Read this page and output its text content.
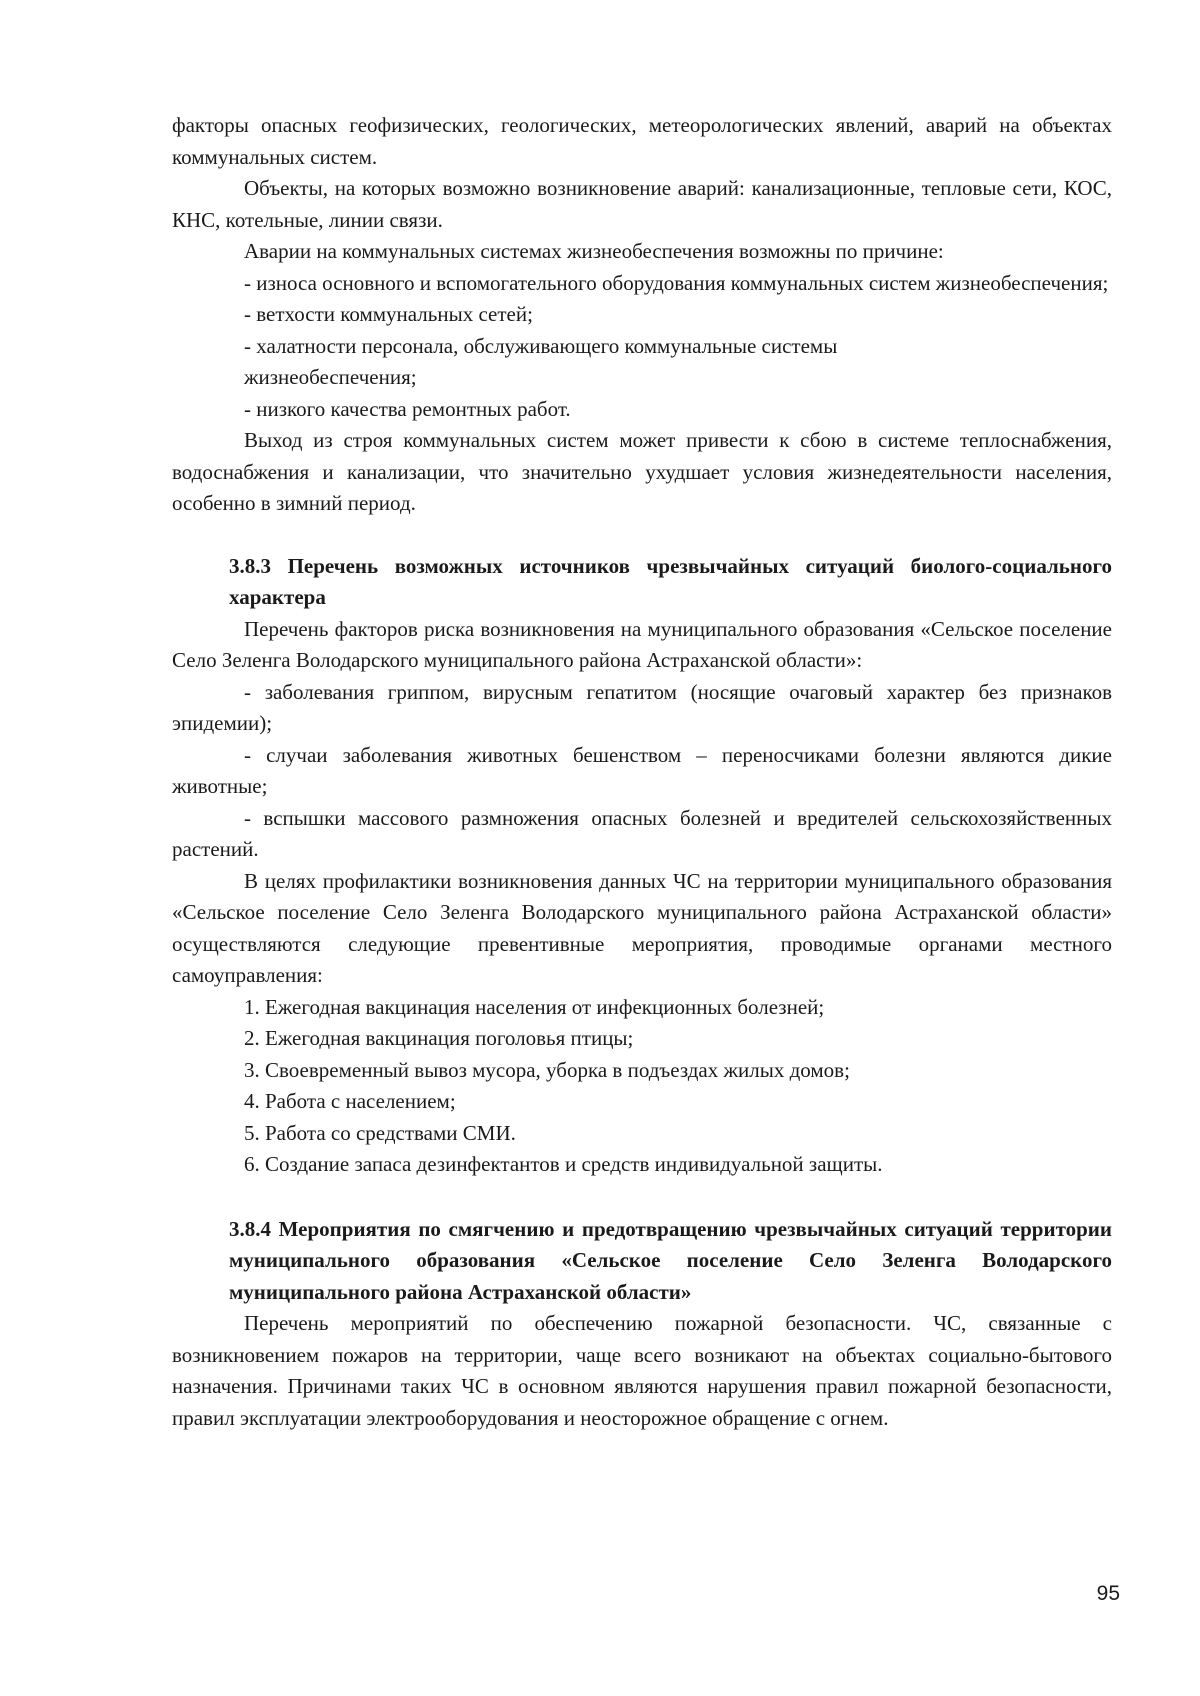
факторы опасных геофизических, геологических, метеорологических явлений, аварий на объектах коммунальных систем.

Объекты, на которых возможно возникновение аварий: канализационные, тепловые сети, КОС, КНС, котельные, линии связи.

Аварии на коммунальных системах жизнеобеспечения возможны по причине:

- износа основного и вспомогательного оборудования коммунальных систем жизнеобеспечения;

- ветхости коммунальных сетей;

- халатности персонала, обслуживающего коммунальные системы

жизнеобеспечения;

- низкого качества ремонтных работ.

Выход из строя коммунальных систем может привести к сбою в системе теплоснабжения, водоснабжения и канализации, что значительно ухудшает условия жизнедеятельности населения, особенно в зимний период.

3.8.3 Перечень возможных источников чрезвычайных ситуаций биолого-социального характера

Перечень факторов риска возникновения на муниципального образования «Сельское поселение Село Зеленга Володарского муниципального района Астраханской области»:

- заболевания гриппом, вирусным гепатитом (носящие очаговый характер без признаков эпидемии);

- случаи заболевания животных бешенством – переносчиками болезни являются дикие животные;

- вспышки массового размножения опасных болезней и вредителей сельскохозяйственных растений.

В целях профилактики возникновения данных ЧС на территории муниципального образования «Сельское поселение Село Зеленга Володарского муниципального района Астраханской области» осуществляются следующие превентивные мероприятия, проводимые органами местного самоуправления:

1. Ежегодная вакцинация населения от инфекционных болезней;

2. Ежегодная вакцинация поголовья птицы;

3. Своевременный вывоз мусора, уборка в подъездах жилых домов;

4. Работа с населением;

5. Работа со средствами СМИ.

6. Создание запаса дезинфектантов и средств индивидуальной защиты.

3.8.4 Мероприятия по смягчению и предотвращению чрезвычайных ситуаций территории муниципального образования «Сельское поселение Село Зеленга Володарского муниципального района Астраханской области»

Перечень мероприятий по обеспечению пожарной безопасности. ЧС, связанные с возникновением пожаров на территории, чаще всего возникают на объектах социально-бытового назначения. Причинами таких ЧС в основном являются нарушения правил пожарной безопасности, правил эксплуатации электрооборудования и неосторожное обращение с огнем.

95
